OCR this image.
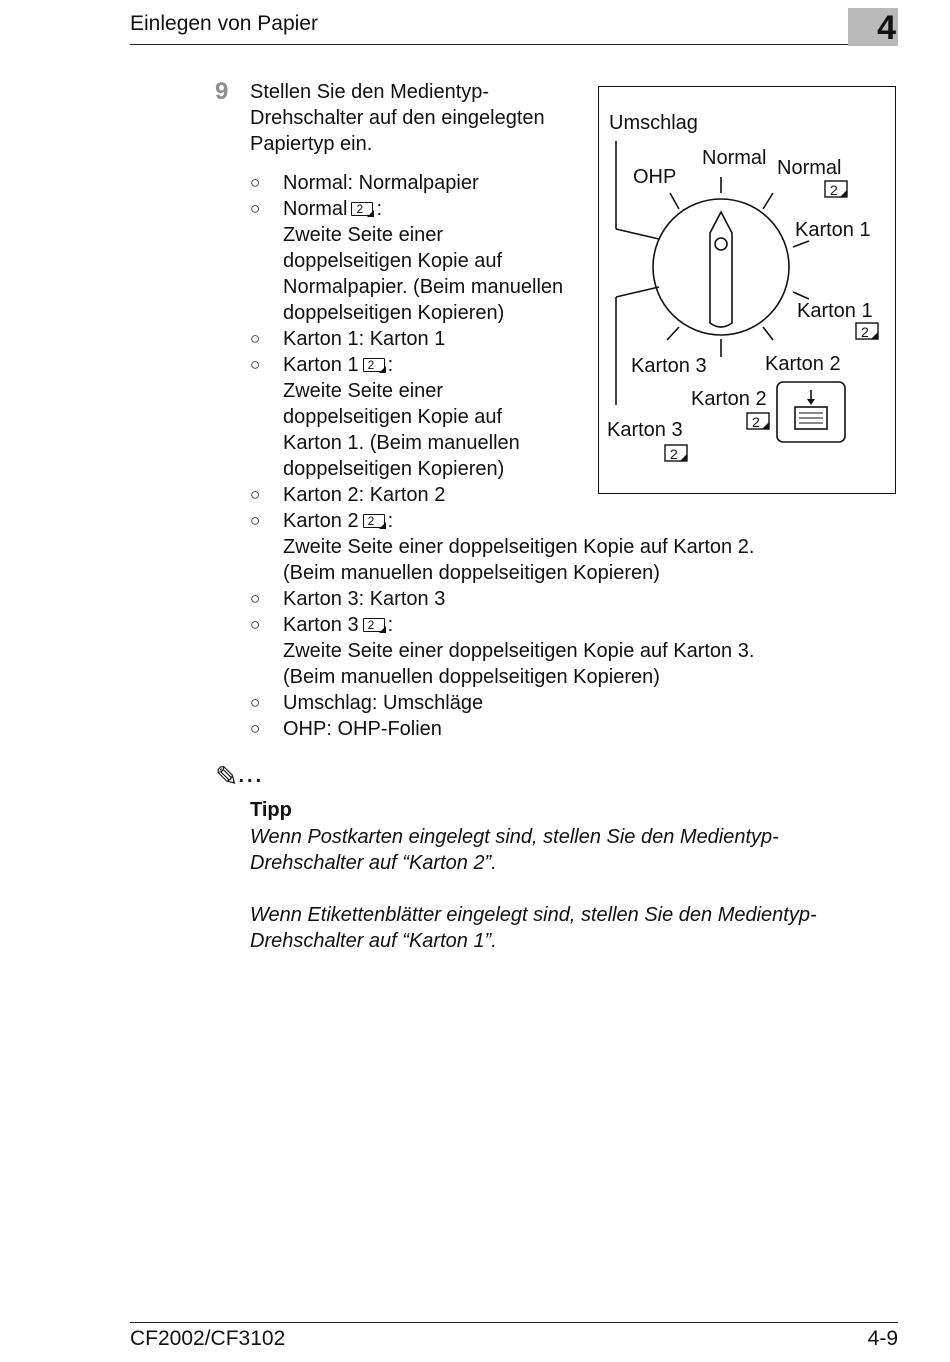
Einlegen von Papier	4
9 Stellen Sie den Medientyp-Drehschalter auf den eingelegten Papiertyp ein.
○ Normal: Normalpapier
○ Normal 2 :
Zweite Seite einer
doppelseitigen Kopie auf
Normalpapier. (Beim manuellen
doppelseitigen Kopieren)
○ Karton 1: Karton 1
○ Karton 1 2 :
Zweite Seite einer
doppelseitigen Kopie auf
Karton 1. (Beim manuellen
doppelseitigen Kopieren)
○ Karton 2: Karton 2
○ Karton 2 2 :
Zweite Seite einer doppelseitigen Kopie auf Karton 2.
(Beim manuellen doppelseitigen Kopieren)
○ Karton 3: Karton 3
○ Karton 3 2 :
Zweite Seite einer doppelseitigen Kopie auf Karton 3.
(Beim manuellen doppelseitigen Kopieren)
○ Umschlag: Umschläge
○ OHP: OHP-Folien
Umschlag
OHP
Normal Normal
Karton 1
Karton 1
Karton 3	Karton 2
Karton 2
Karton 3
2
2
2
2
✎...
Tipp
Wenn Postkarten eingelegt sind, stellen Sie den Medientyp-
Drehschalter auf “Karton 2”.
Wenn Etikettenblätter eingelegt sind, stellen Sie den Medientyp-
Drehschalter auf “Karton 1”.
CF2002/CF3102	4-9
